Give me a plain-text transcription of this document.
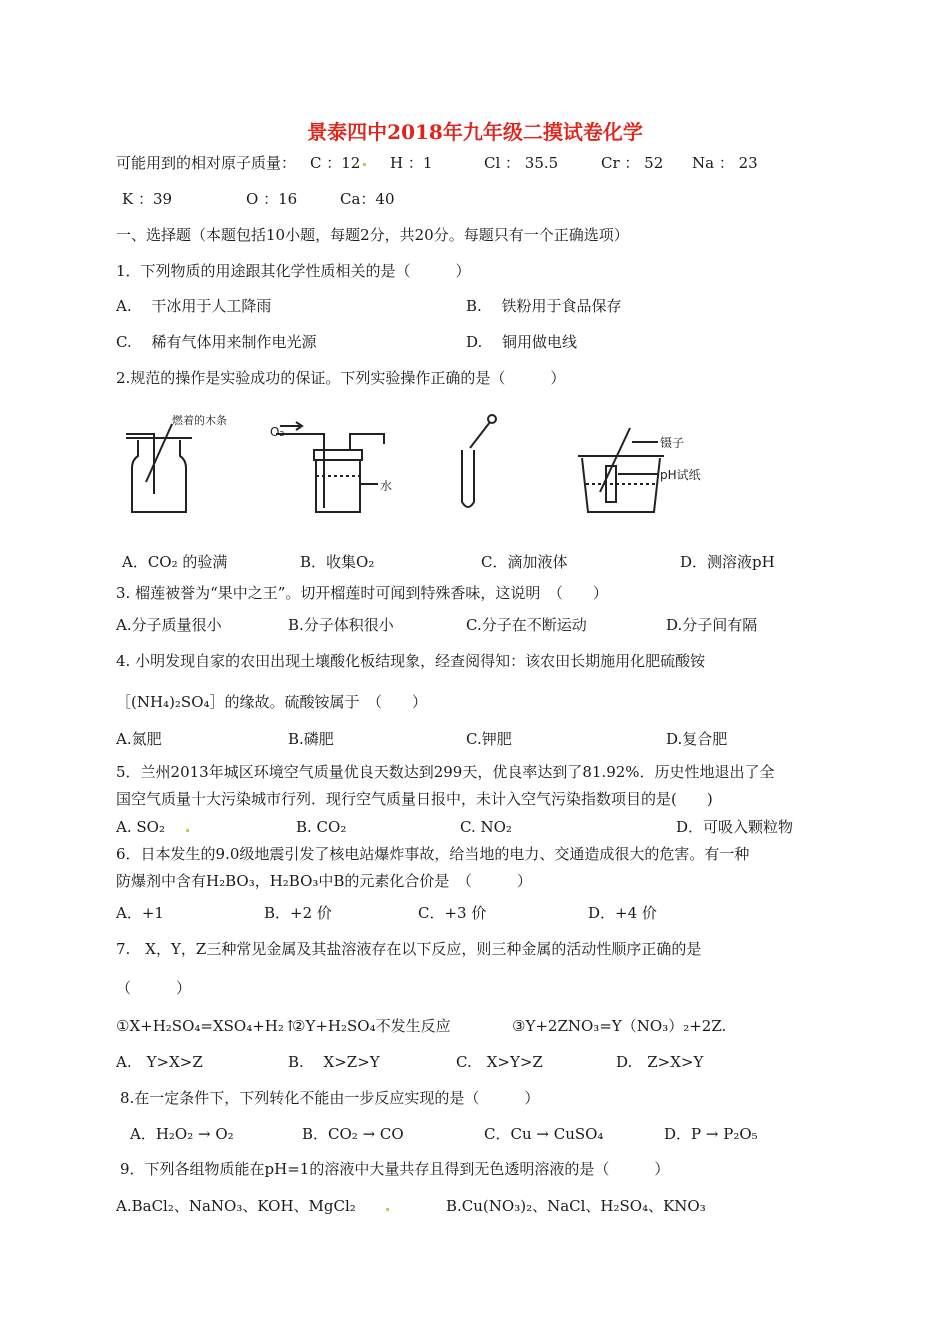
景泰四中2018年九年级二摸试卷化学
可能用到的相对原子质量： C ：12 H ：1	Cl ： 35.5	Cr ： 52 Na ： 23
K ：39	O ：16	Ca：40
一、选择题（本题包括10小题，每题2分，共20分。每题只有一个正确选项）
1．下列物质的用途跟其化学性质相关的是（　　　）
A.　 干冰用于人工降雨	B.　 铁粉用于食品保存
C.　 稀有气体用来制作电光源	D.　 铜用做电线
2.规范的操作是实验成功的保证。下列实验操作正确的是（　　　）
燃着的木条
O₂
水
镊子
pH试纸
A．CO₂ 的验满	B．收集O₂	C．滴加液体	D．测溶液pH
3. 榴莲被誉为“果中之王”。切开榴莲时可闻到特殊香味，这说明　（　　）
A.分子质量很小	B.分子体积很小	C.分子在不断运动	D.分子间有隔
4. 小明发现自家的农田出现土壤酸化板结现象，经查阅得知：该农田长期施用化肥硫酸铵
［(NH₄)₂SO₄］的缘故。硫酸铵属于　（　　）
A.氮肥	B.磷肥	C.钾肥	D.复合肥
5．兰州2013年城区环境空气质量优良天数达到299天，优良率达到了81.92%．历史性地退出了全
国空气质量十大污染城市行列．现行空气质量日报中，未计入空气污染指数项目的是(　　)
A. SO₂	B. CO₂	C. NO₂	D．可吸入颗粒物
6．日本发生的9.0级地震引发了核电站爆炸事故，给当地的电力、交通造成很大的危害。有一种
防爆剂中含有H₂BO₃，H₂BO₃中B的元素化合价是　（　　　）
A．+1	B．+2 价	C．+3 价	D．+4 价
7.　X，Y，Z三种常见金属及其盐溶液存在以下反应，则三种金属的活动性顺序正确的是
（　　　）
①X+H₂SO₄=XSO₄+H₂↑
②Y+H₂SO₄不发生反应	③Y+2ZNO₃=Y（NO₃）₂+2Z.
A.　Y>X>Z	B.　 X>Z>Y	C.　X>Y>Z	D.　Z>X>Y
8.在一定条件下，下列转化不能由一步反应实现的是（　　　）
A．H₂O₂ → O₂	B．CO₂ → CO	C．Cu → CuSO₄	D．P → P₂O₅
9．下列各组物质能在pH=1的溶液中大量共存且得到无色透明溶液的是（　　　）
A.BaCl₂、NaNO₃、KOH、MgCl₂	B.Cu(NO₃)₂、NaCl、H₂SO₄、KNO₃
